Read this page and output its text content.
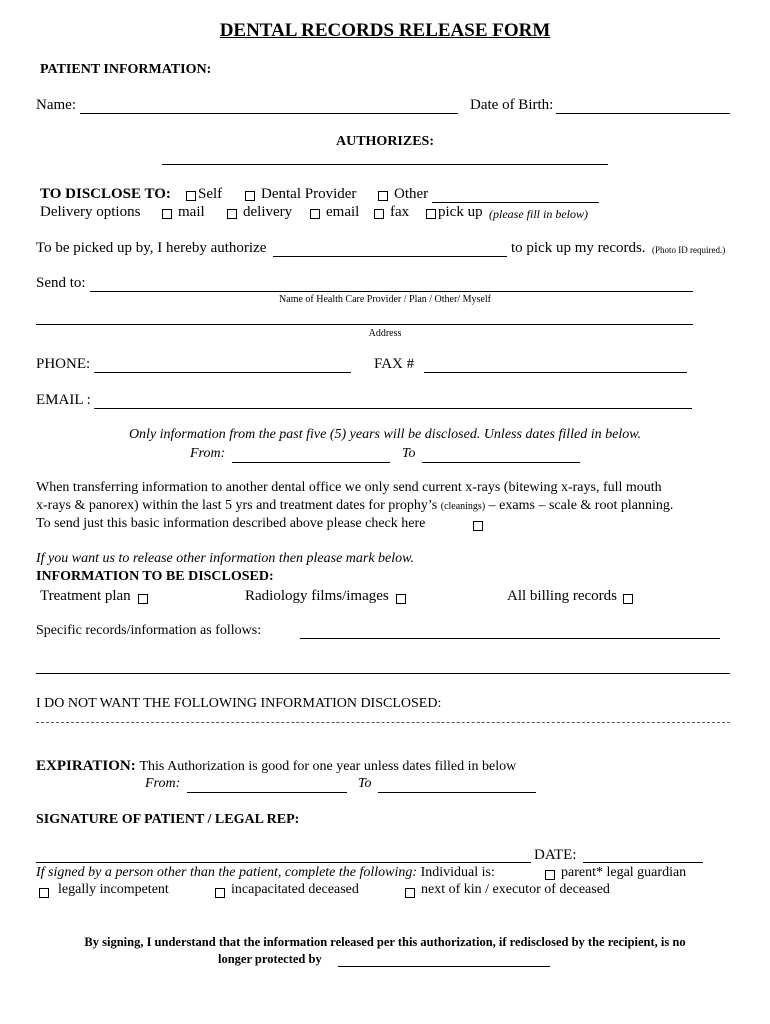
DENTAL RECORDS RELEASE FORM
PATIENT INFORMATION:
Name:	Date of Birth:
AUTHORIZES:
TO DISCLOSE TO: Self	Dental Provider	Other
Delivery options	mail	delivery email fax pick up (please fill in below)
To be picked up by, I hereby authorize	to pick up my records. (Photo ID required.)
Send to:
Name of Health Care Provider / Plan / Other/ Myself
Address
PHONE:	FAX #
EMAIL :
Only information from the past five (5) years will be disclosed. Unless dates filled in below.
From:	To
When transferring information to another dental office we only send current x-rays (bitewing x-rays, full mouth
x-rays & panorex) within the last 5 yrs and treatment dates for prophy’s (cleanings) – exams – scale & root planning.
To send just this basic information described above please check here
If you want us to release other information then please mark below.
INFORMATION TO BE DISCLOSED:
Treatment plan	Radiology films/images	All billing records
Specific records/information as follows:
I DO NOT WANT THE FOLLOWING INFORMATION DISCLOSED:
EXPIRATION: This Authorization is good for one year unless dates filled in below
From:	To
SIGNATURE OF PATIENT / LEGAL REP:
DATE:
If signed by a person other than the patient, complete the following: Individual is:	parent* legal guardian
legally incompetent	incapacitated deceased	next of kin / executor of deceased
By signing, I understand that the information released per this authorization, if redisclosed by the recipient, is no
longer protected by
